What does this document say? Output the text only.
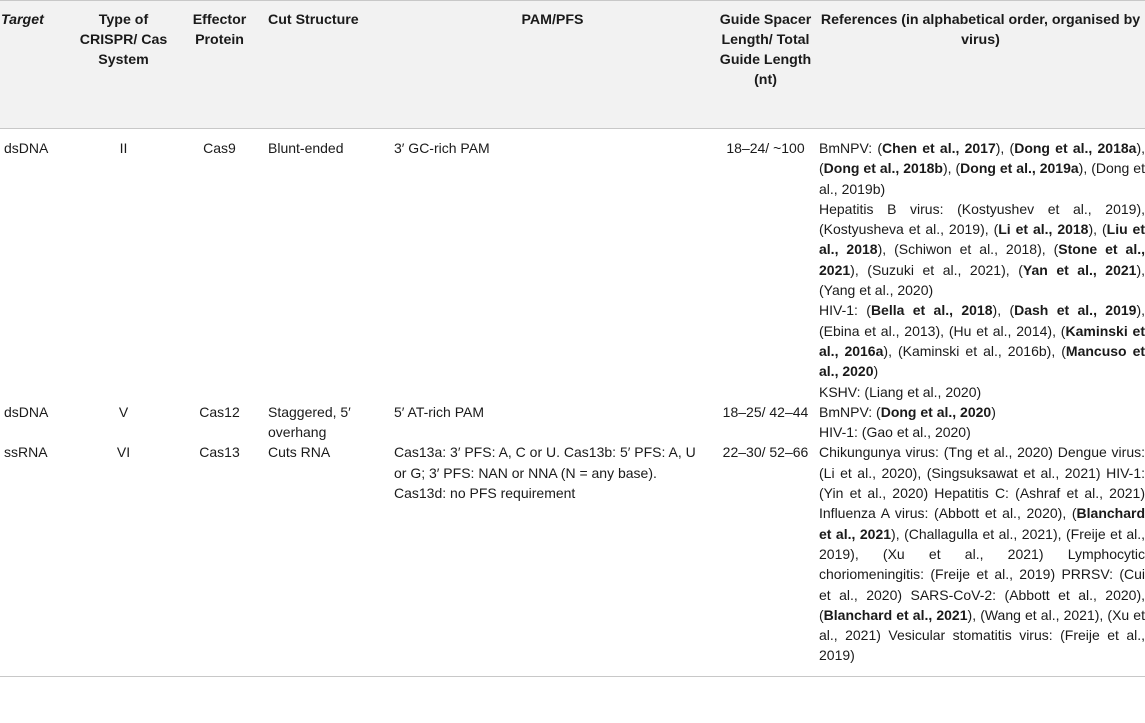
Target	Type of CRISPR/ Cas System	Effector Protein	Cut Structure	PAM/PFS	Guide Spacer Length/ Total Guide Length (nt)	References (in alphabetical order, organised by virus)
dsDNA	II	Cas9	Blunt-ended	3′ GC-rich PAM	18–24/ ~100	BmNPV: (Chen et al., 2017), (Dong et al., 2018a), (Dong et al., 2018b), (Dong et al., 2019a), (Dong et al., 2019b)
Hepatitis B virus: (Kostyushev et al., 2019), (Kostyusheva et al., 2019), (Li et al., 2018), (Liu et al., 2018), (Schiwon et al., 2018), (Stone et al., 2021), (Suzuki et al., 2021), (Yan et al., 2021), (Yang et al., 2020)
HIV-1: (Bella et al., 2018), (Dash et al., 2019), (Ebina et al., 2013), (Hu et al., 2014), (Kaminski et al., 2016a), (Kaminski et al., 2016b), (Mancuso et al., 2020)
KSHV: (Liang et al., 2020)

dsDNA	V	Cas12	Staggered, 5′ overhang	5′ AT-rich PAM	18–25/ 42–44	BmNPV: (Dong et al., 2020)
HIV-1: (Gao et al., 2020)

ssRNA	VI	Cas13	Cuts RNA	Cas13a: 3′ PFS: A, C or U. Cas13b: 5′ PFS: A, U or G; 3′ PFS: NAN or NNA (N = any base). Cas13d: no PFS requirement	22–30/ 52–66	Chikungunya virus: (Tng et al., 2020) Dengue virus: (Li et al., 2020), (Singsuksawat et al., 2021) HIV-1: (Yin et al., 2020) Hepatitis C: (Ashraf et al., 2021) Influenza A virus: (Abbott et al., 2020), (Blanchard et al., 2021), (Challagulla et al., 2021), (Freije et al., 2019), (Xu et al., 2021) Lymphocytic choriomeningitis: (Freije et al., 2019) PRRSV: (Cui et al., 2020) SARS-CoV-2: (Abbott et al., 2020), (Blanchard et al., 2021), (Wang et al., 2021), (Xu et al., 2021) Vesicular stomatitis virus: (Freije et al., 2019)
